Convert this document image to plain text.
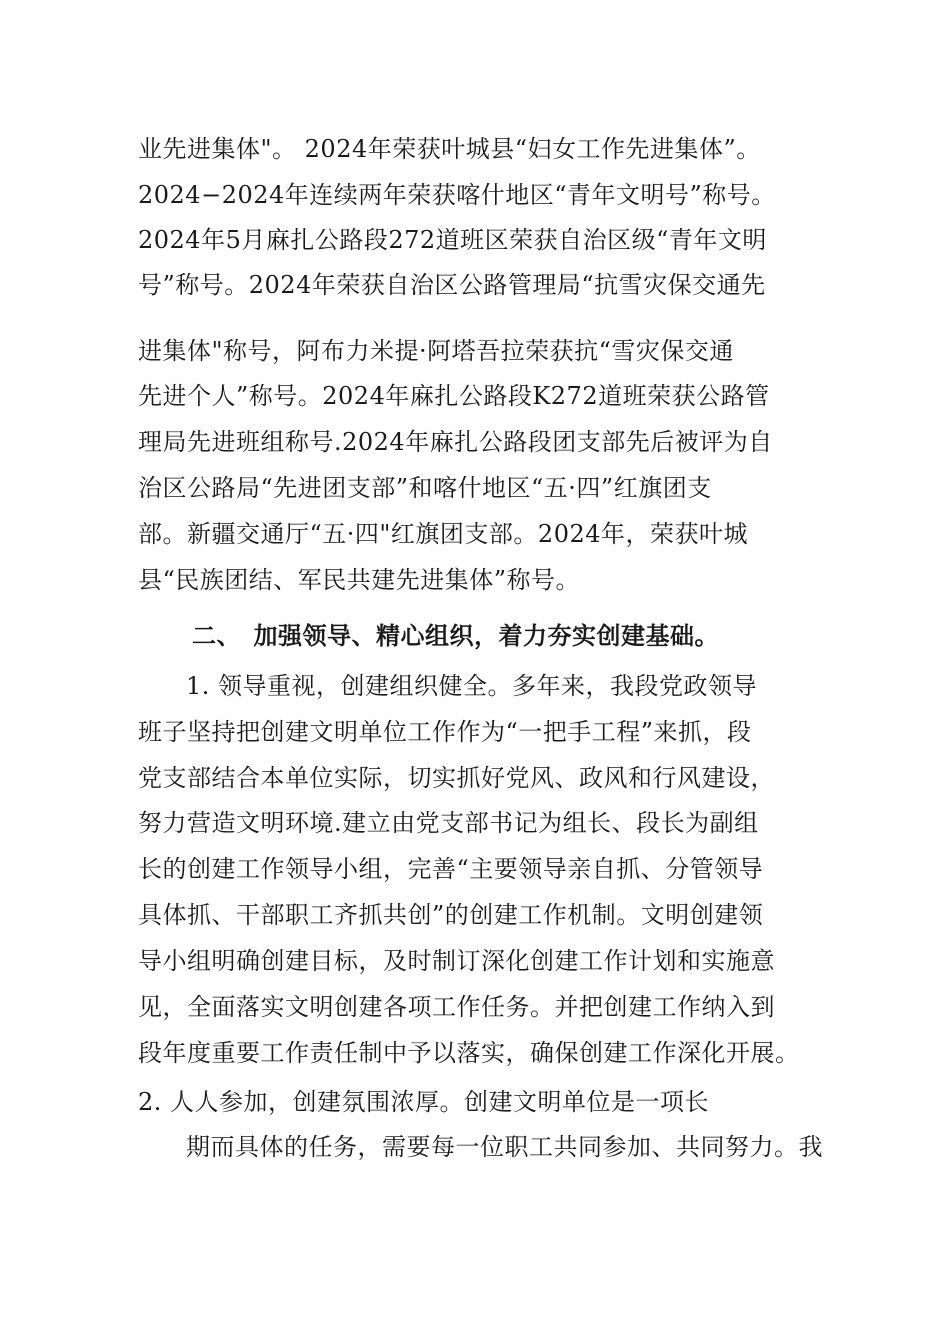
业先进集体"。 2024年荣获叶城县“妇女工作先进集体”。
2024−2024年连续两年荣获喀什地区“青年文明号”称号。
2024年5月麻扎公路段272道班区荣获自治区级“青年文明
号”称号。2024年荣获自治区公路管理局“抗雪灾保交通先
进集体"称号，阿布力米提·阿塔吾拉荣获抗“雪灾保交通
先进个人”称号。2024年麻扎公路段K272道班荣获公路管
理局先进班组称号.2024年麻扎公路段团支部先后被评为自
治区公路局“先进团支部”和喀什地区“五·四”红旗团支
部。新疆交通厅“五·四"红旗团支部。2024年，荣获叶城
县“民族团结、军民共建先进集体”称号。
二、　加强领导、精心组织，着力夯实创建基础。
1. 领导重视，创建组织健全。多年来，我段党政领导
班子坚持把创建文明单位工作作为“一把手工程”来抓，段
党支部结合本单位实际，切实抓好党风、政风和行风建设，
努力营造文明环境.建立由党支部书记为组长、段长为副组
长的创建工作领导小组，完善“主要领导亲自抓、分管领导
具体抓、干部职工齐抓共创”的创建工作机制。文明创建领
导小组明确创建目标，及时制订深化创建工作计划和实施意
见，全面落实文明创建各项工作任务。并把创建工作纳入到
段年度重要工作责任制中予以落实，确保创建工作深化开展。
2. 人人参加，创建氛围浓厚。创建文明单位是一项长
期而具体的任务，需要每一位职工共同参加、共同努力。我
